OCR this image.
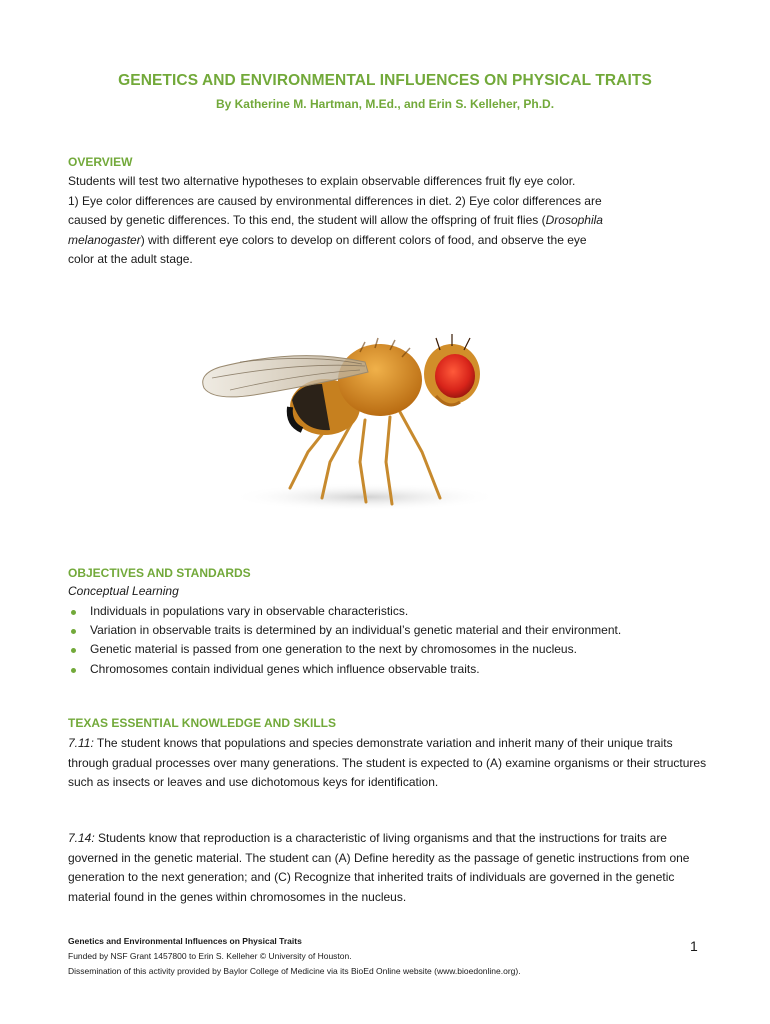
GENETICS AND ENVIRONMENTAL INFLUENCES ON PHYSICAL TRAITS
By Katherine M. Hartman, M.Ed., and Erin S. Kelleher, Ph.D.
OVERVIEW
Students will test two alternative hypotheses to explain observable differences fruit fly eye color.
1) Eye color differences are caused by environmental differences in diet. 2) Eye color differences are
caused by genetic differences. To this end, the student will allow the offspring of fruit flies (Drosophila
melanogaster) with different eye colors to develop on different colors of food, and observe the eye
color at the adult stage.
OBJECTIVES AND STANDARDS
Conceptual Learning
Individuals in populations vary in observable characteristics.
Variation in observable traits is determined by an individual’s genetic material and their environment.
Genetic material is passed from one generation to the next by chromosomes in the nucleus.
Chromosomes contain individual genes which influence observable traits.
TEXAS ESSENTIAL KNOWLEDGE AND SKILLS
7.11: The student knows that populations and species demonstrate variation and inherit many of their unique traits through gradual processes over many generations. The student is expected to (A) examine organisms or their structures such as insects or leaves and use dichotomous keys for identification.
7.14: Students know that reproduction is a characteristic of living organisms and that the instructions for traits are governed in the genetic material. The student can (A) Define heredity as the passage of genetic instructions from one generation to the next generation; and (C) Recognize that inherited traits of individuals are governed in the genetic material found in the genes within chromosomes in the nucleus.
Genetics and Environmental Influences on Physical Traits
Funded by NSF Grant 1457800 to Erin S. Kelleher © University of Houston.
Dissemination of this activity provided by Baylor College of Medicine via its BioEd Online website (www.bioedonline.org).
1
